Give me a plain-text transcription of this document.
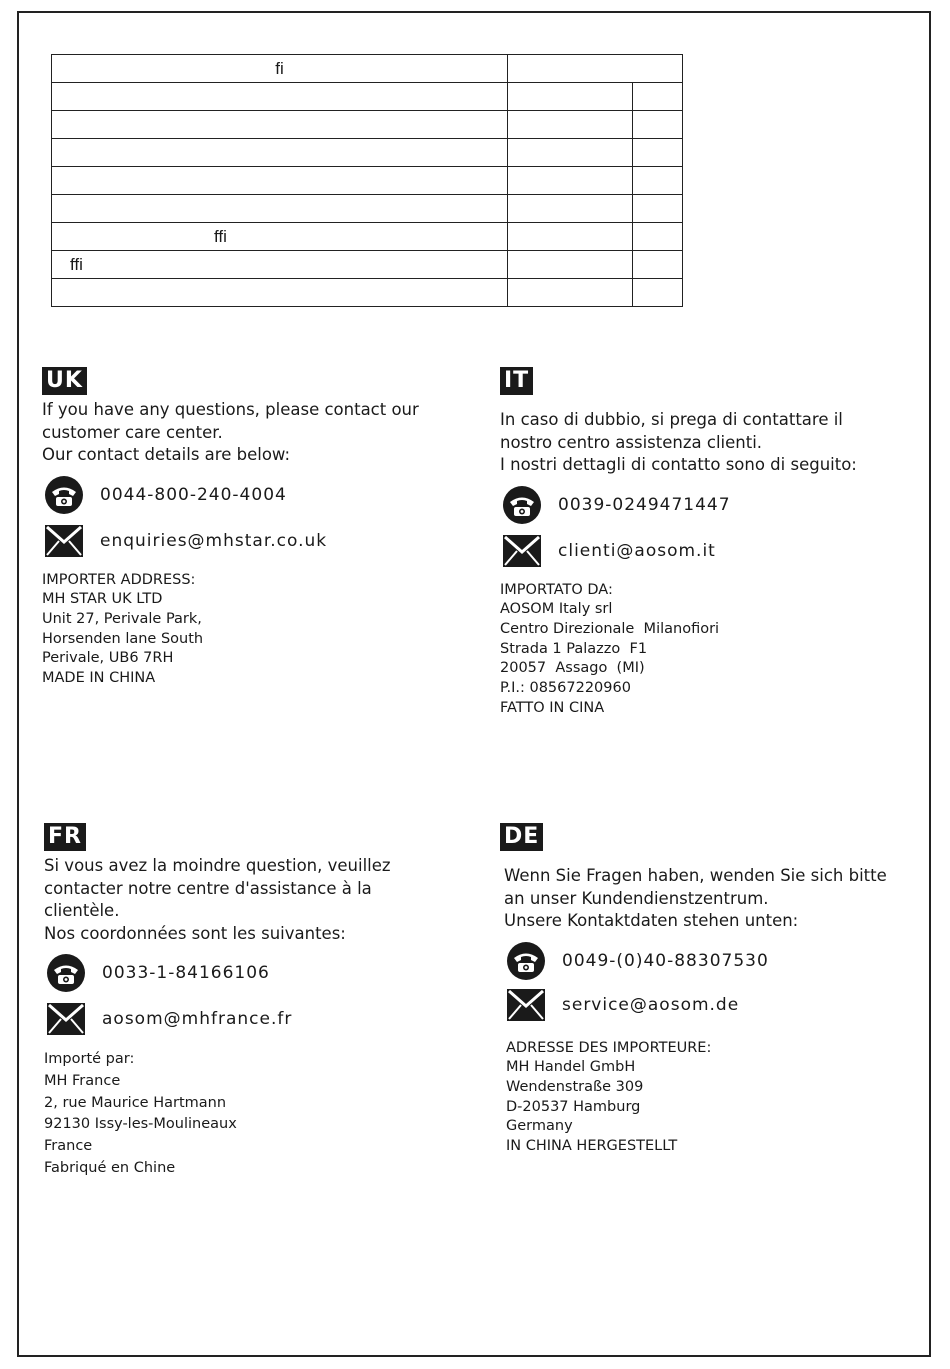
fi		

ffi		
ffi		

UK
If you have any questions, please contact our
customer care center.
Our contact details are below:
0044-800-240-4004
enquiries@mhstar.co.uk
IMPORTER ADDRESS:
MH STAR UK LTD
Unit 27, Perivale Park,
Horsenden lane South
Perivale, UB6 7RH
MADE IN CHINA
IT
In caso di dubbio, si prega di contattare il
nostro centro assistenza clienti.
I nostri dettagli di contatto sono di seguito:
0039-0249471447
clienti@aosom.it
IMPORTATO DA:
AOSOM Italy srl
Centro Direzionale  Milanofiori
Strada 1 Palazzo  F1
20057  Assago  (MI)
P.I.: 08567220960
FATTO IN CINA
FR
Si vous avez la moindre question, veuillez
contacter notre centre d'assistance à la
clientèle.
Nos coordonnées sont les suivantes:
0033-1-84166106
aosom@mhfrance.fr
Importé par:
MH France
2, rue Maurice Hartmann
92130 Issy-les-Moulineaux
France
Fabriqué en Chine
DE
Wenn Sie Fragen haben, wenden Sie sich bitte
an unser Kundendienstzentrum.
Unsere Kontaktdaten stehen unten:
0049-(0)40-88307530
service@aosom.de
ADRESSE DES IMPORTEURE:
MH Handel GmbH
Wendenstraße 309
D-20537 Hamburg
Germany
IN CHINA HERGESTELLT
